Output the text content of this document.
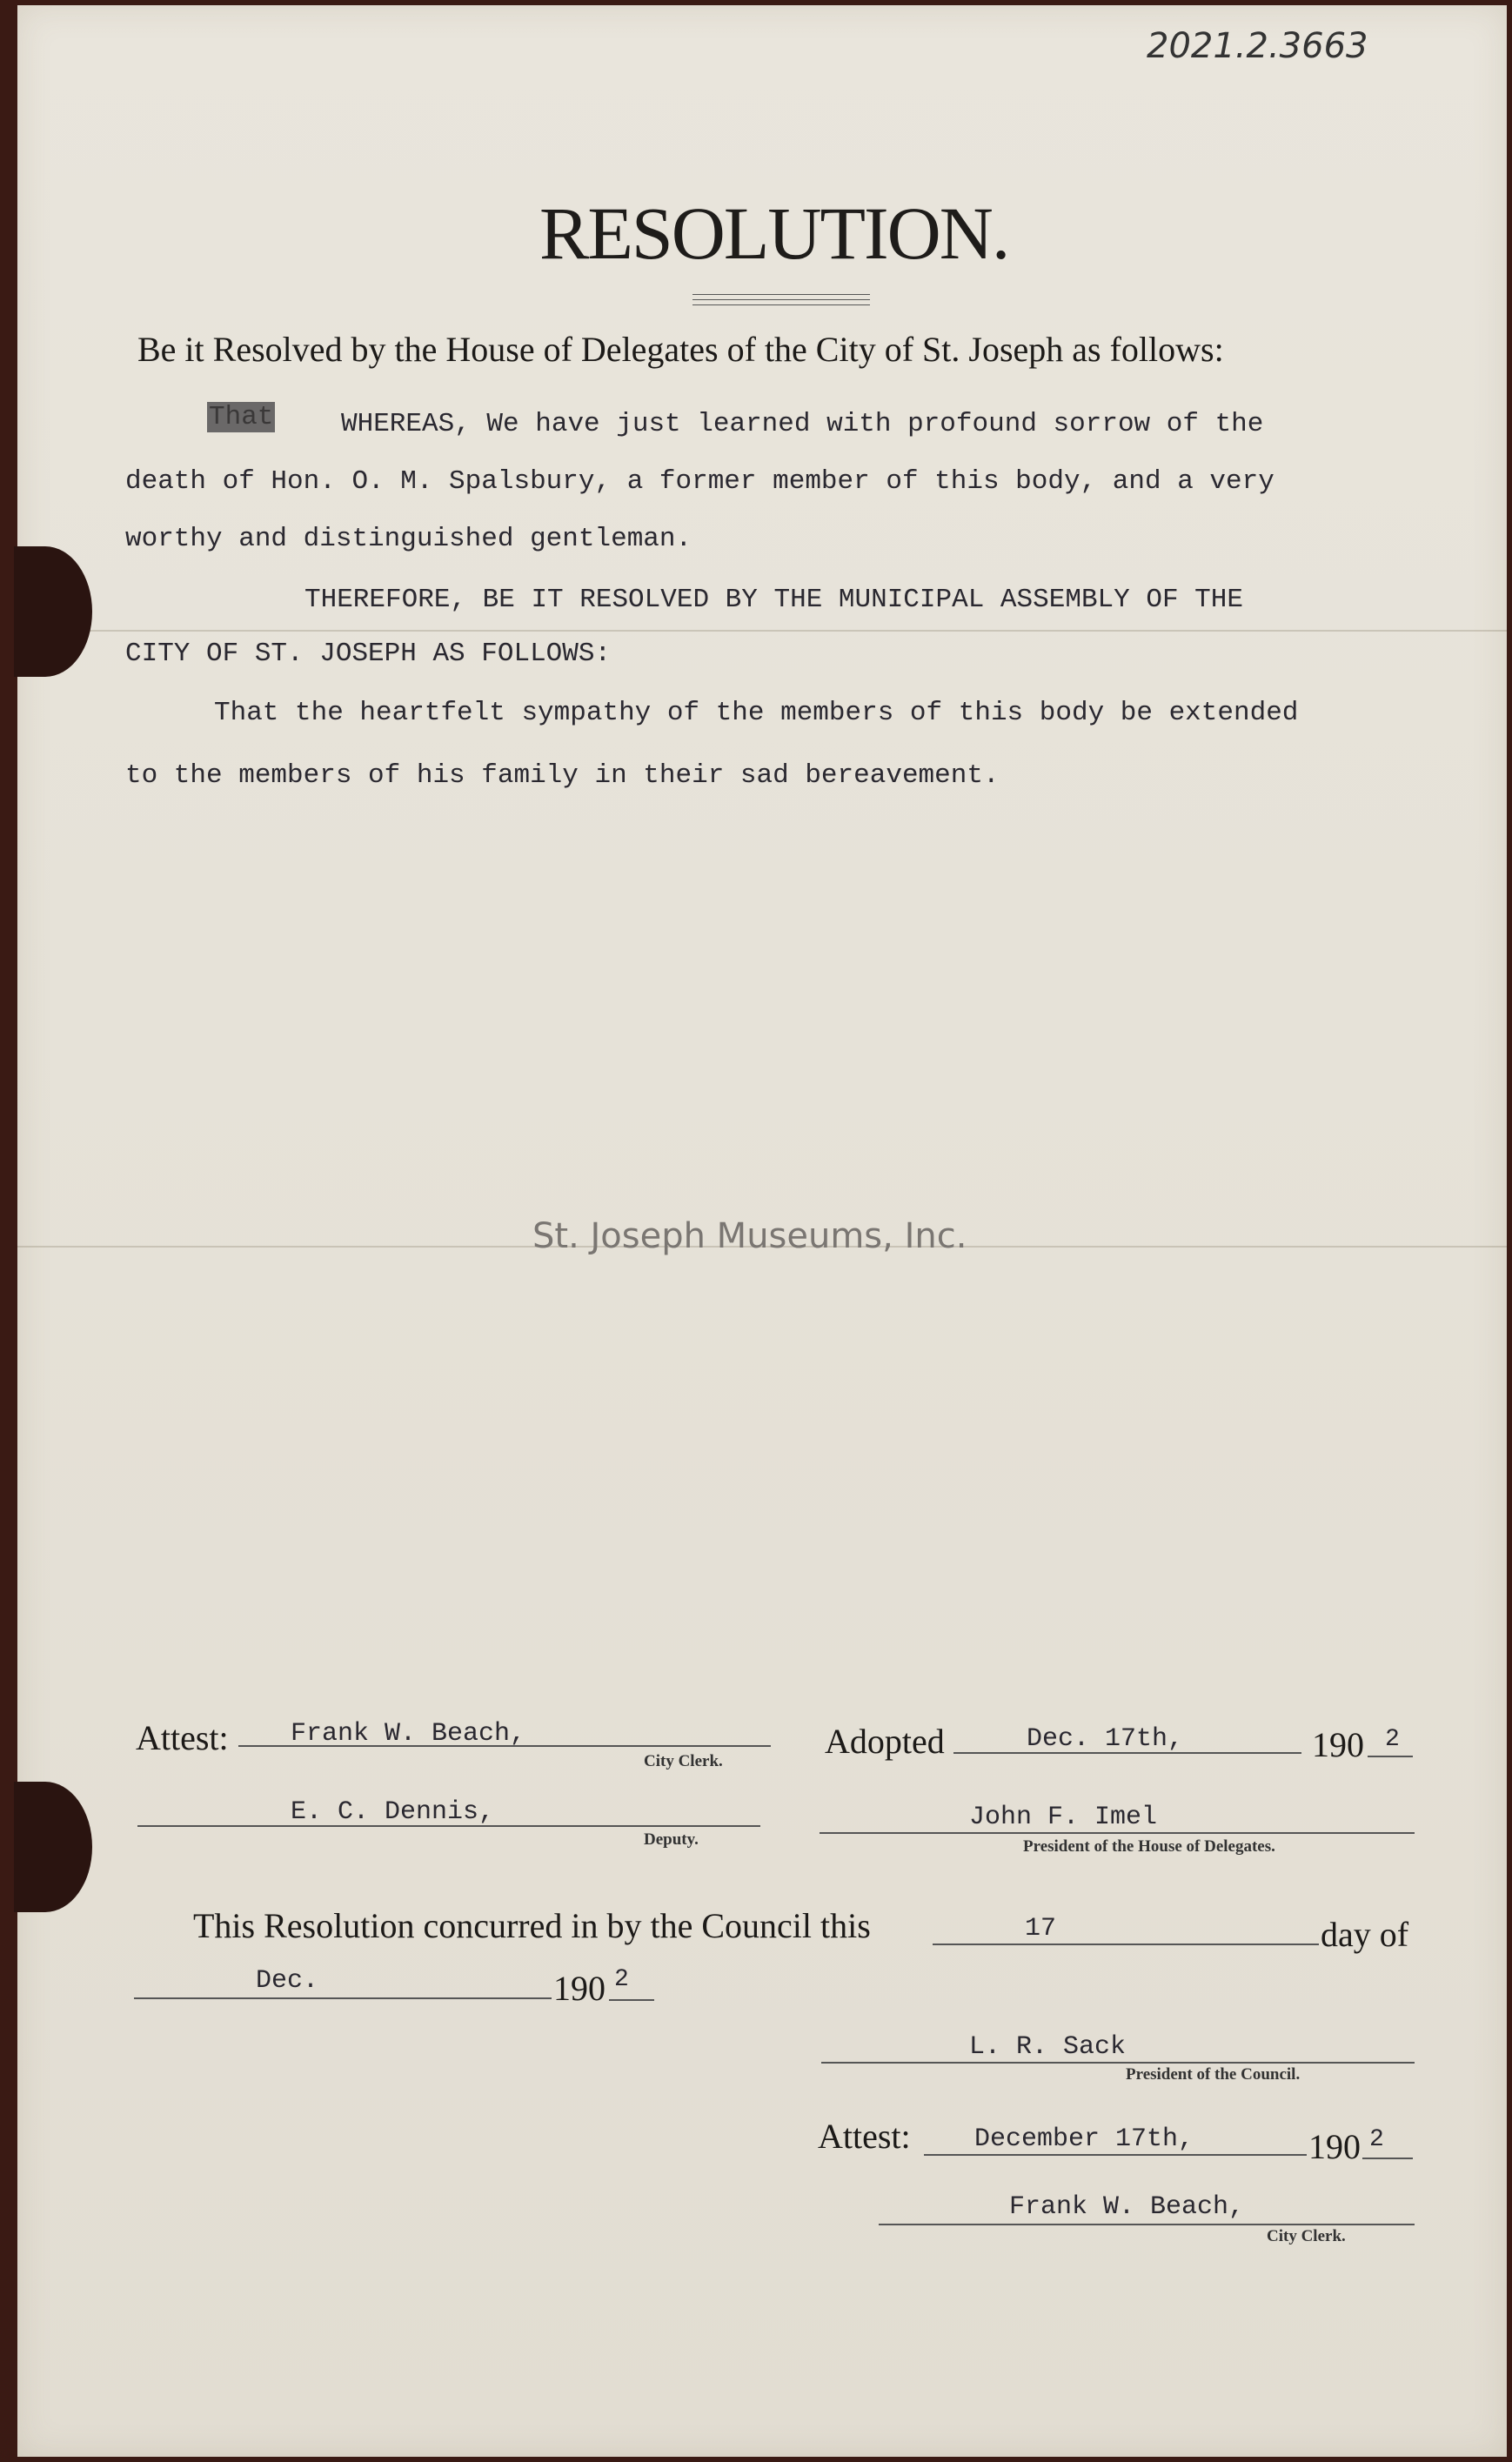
2021.2.3663
RESOLUTION.
Be it Resolved by the House of Delegates of the City of St. Joseph as follows:
That	WHEREAS, We have just learned with profound sorrow of the
death of Hon. O. M. Spalsbury, a former member of this body, and a very
worthy and distinguished gentleman.
THEREFORE, BE IT RESOLVED BY THE MUNICIPAL ASSEMBLY OF THE
CITY OF ST. JOSEPH AS FOLLOWS:
That the heartfelt sympathy of the members of this body be extended
to the members of his family in their sad bereavement.
St. Joseph Museums, Inc.
Attest: Frank W. Beach,
City Clerk.
E. C. Dennis,
Deputy.
Adopted	Dec. 17th,	190 2
John F. Imel
President of the House of Delegates.
This Resolution concurred in by the Council this	17	day of
Dec.	190 2
L. R. Sack
President of the Council.
Attest: December 17th,	190 2
Frank W. Beach,
City Clerk.
